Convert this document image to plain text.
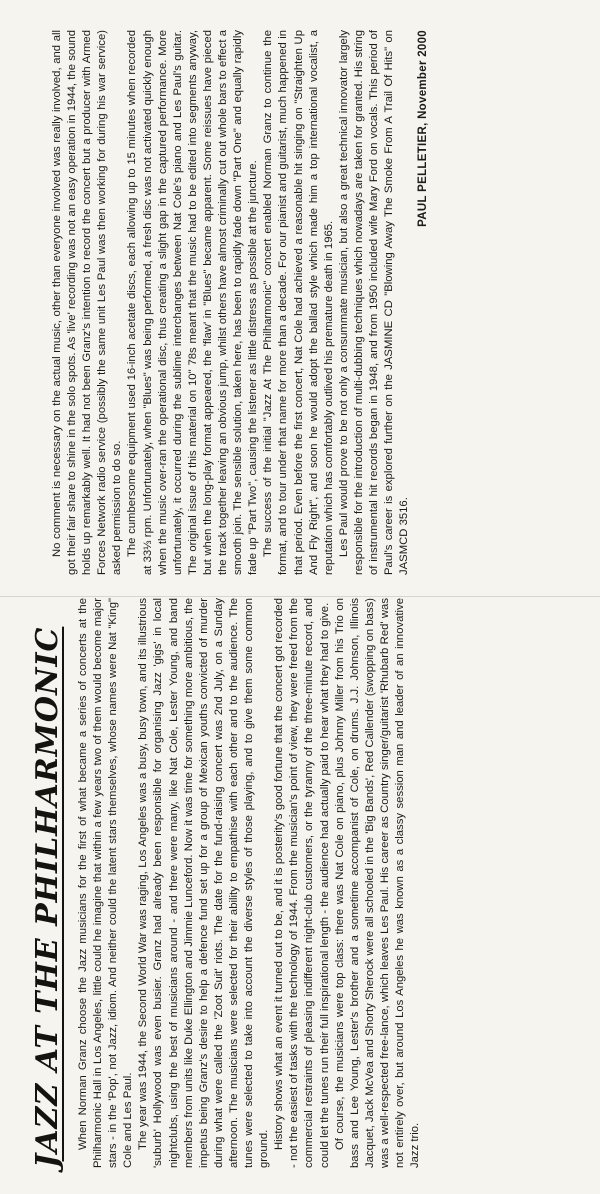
JAZZ AT THE PHILHARMONIC When Norman Granz choose the Jazz musicians for the first of what became a series of concerts at the Philharmonic Hall in Los Angeles, little could he imagine that within a few years two of them would become major stars - in the 'Pop', not Jazz, idiom. And neither could the latent stars themselves, whose names were Nat "King" Cole and Les Paul. The year was 1944, the Second World War was raging, Los Angeles was a busy, busy town, and its illustrious 'suburb' Hollywood was even busier. Granz had already been responsible for organising Jazz 'gigs' in local nightclubs, using the best of musicians around - and there were many, like Nat Cole, Lester Young, and band members from units like Duke Ellington and Jimmie Lunceford. Now it was time for something more ambitious, the impetus being Granz's desire to help a defence fund set up for a group of Mexican youths convicted of murder during what were called the 'Zoot Suit' riots. The date for the fund-raising concert was 2nd July, on a Sunday afternoon. The musicians were selected for their ability to empathise with each other and to the audience. The tunes were selected to take into account the diverse styles of those playing, and to give them some common ground. History shows what an event it turned out to be, and it is posterity's good fortune that the concert got recorded - not the easiest of tasks with the technology of 1944. From the musician's point of view, they were freed from the commercial restraints of pleasing indifferent night-club customers, or the tyranny of the three-minute record, and could let the tunes run their full inspirational length - the audience had actually paid to hear what they had to give. Of course, the musicians were top class: there was Nat Cole on piano, plus Johnny Miller from his Trio on bass and Lee Young, Lester's brother and a sometime accompanist of Cole, on drums. J.J. Johnson, Illinois Jacquet, Jack McVea and Shorty Sherock were all schooled in the 'Big Bands', Red Callender (swopping on bass) was a well-respected free-lance, which leaves Les Paul. His career as Country singer/guitarist 'Rhubarb Red' was not entirely over, but around Los Angeles he was known as a classy session man and leader of an innovative Jazz trio.

No comment is necessary on the actual music, other than everyone involved was really involved, and all got their fair share to shine in the solo spots. As 'live' recording was not an easy operation in 1944, the sound holds up remarkably well. It had not been Granz's intention to record the concert but a producer with Armed Forces Network radio service (possibly the same unit Les Paul was then working for during his war service) asked permission to do so. The cumbersome equipment used 16-inch acetate discs, each allowing up to 15 minutes when recorded at 33⅓ rpm. Unfortunately, when "Blues" was being performed, a fresh disc was not activated quickly enough when the music over-ran the operational disc, thus creating a slight gap in the captured performance. More unfortunately, it occurred during the sublime interchanges between Nat Cole's piano and Les Paul's guitar. The original issue of this material on 10" 78s meant that the music had to be edited into segments anyway, but when the long-play format appeared, the 'flaw' in "Blues" became apparent. Some reissues have pieced the track together leaving an obvious jump, whilst others have almost criminally cut out whole bars to effect a smooth join. The sensible solution, taken here, has been to rapidly fade down "Part One" and equally rapidly fade up "Part Two", causing the listener as little distress as possible at the juncture. The success of the initial "Jazz At The Philharmonic" concert enabled Norman Granz to continue the format, and to tour under that name for more than a decade. For our pianist and guitarist, much happened in that period. Even before the first concert, Nat Cole had achieved a reasonable hit singing on "Straighten Up And Fly Right", and soon he would adopt the ballad style which made him a top international vocalist, a reputation which has comfortably outlived his premature death in 1965. Les Paul would prove to be not only a consummate musician, but also a great technical innovator largely responsible for the introduction of multi-dubbing techniques which nowadays are taken for granted. His string of instrumental hit records began in 1948, and from 1950 included wife Mary Ford on vocals. This period of Paul's career is explored further on the JASMINE CD "Blowing Away The Smoke From A Trail Of Hits" on JASMCD 3516.

PAUL PELLETIER, November 2000
